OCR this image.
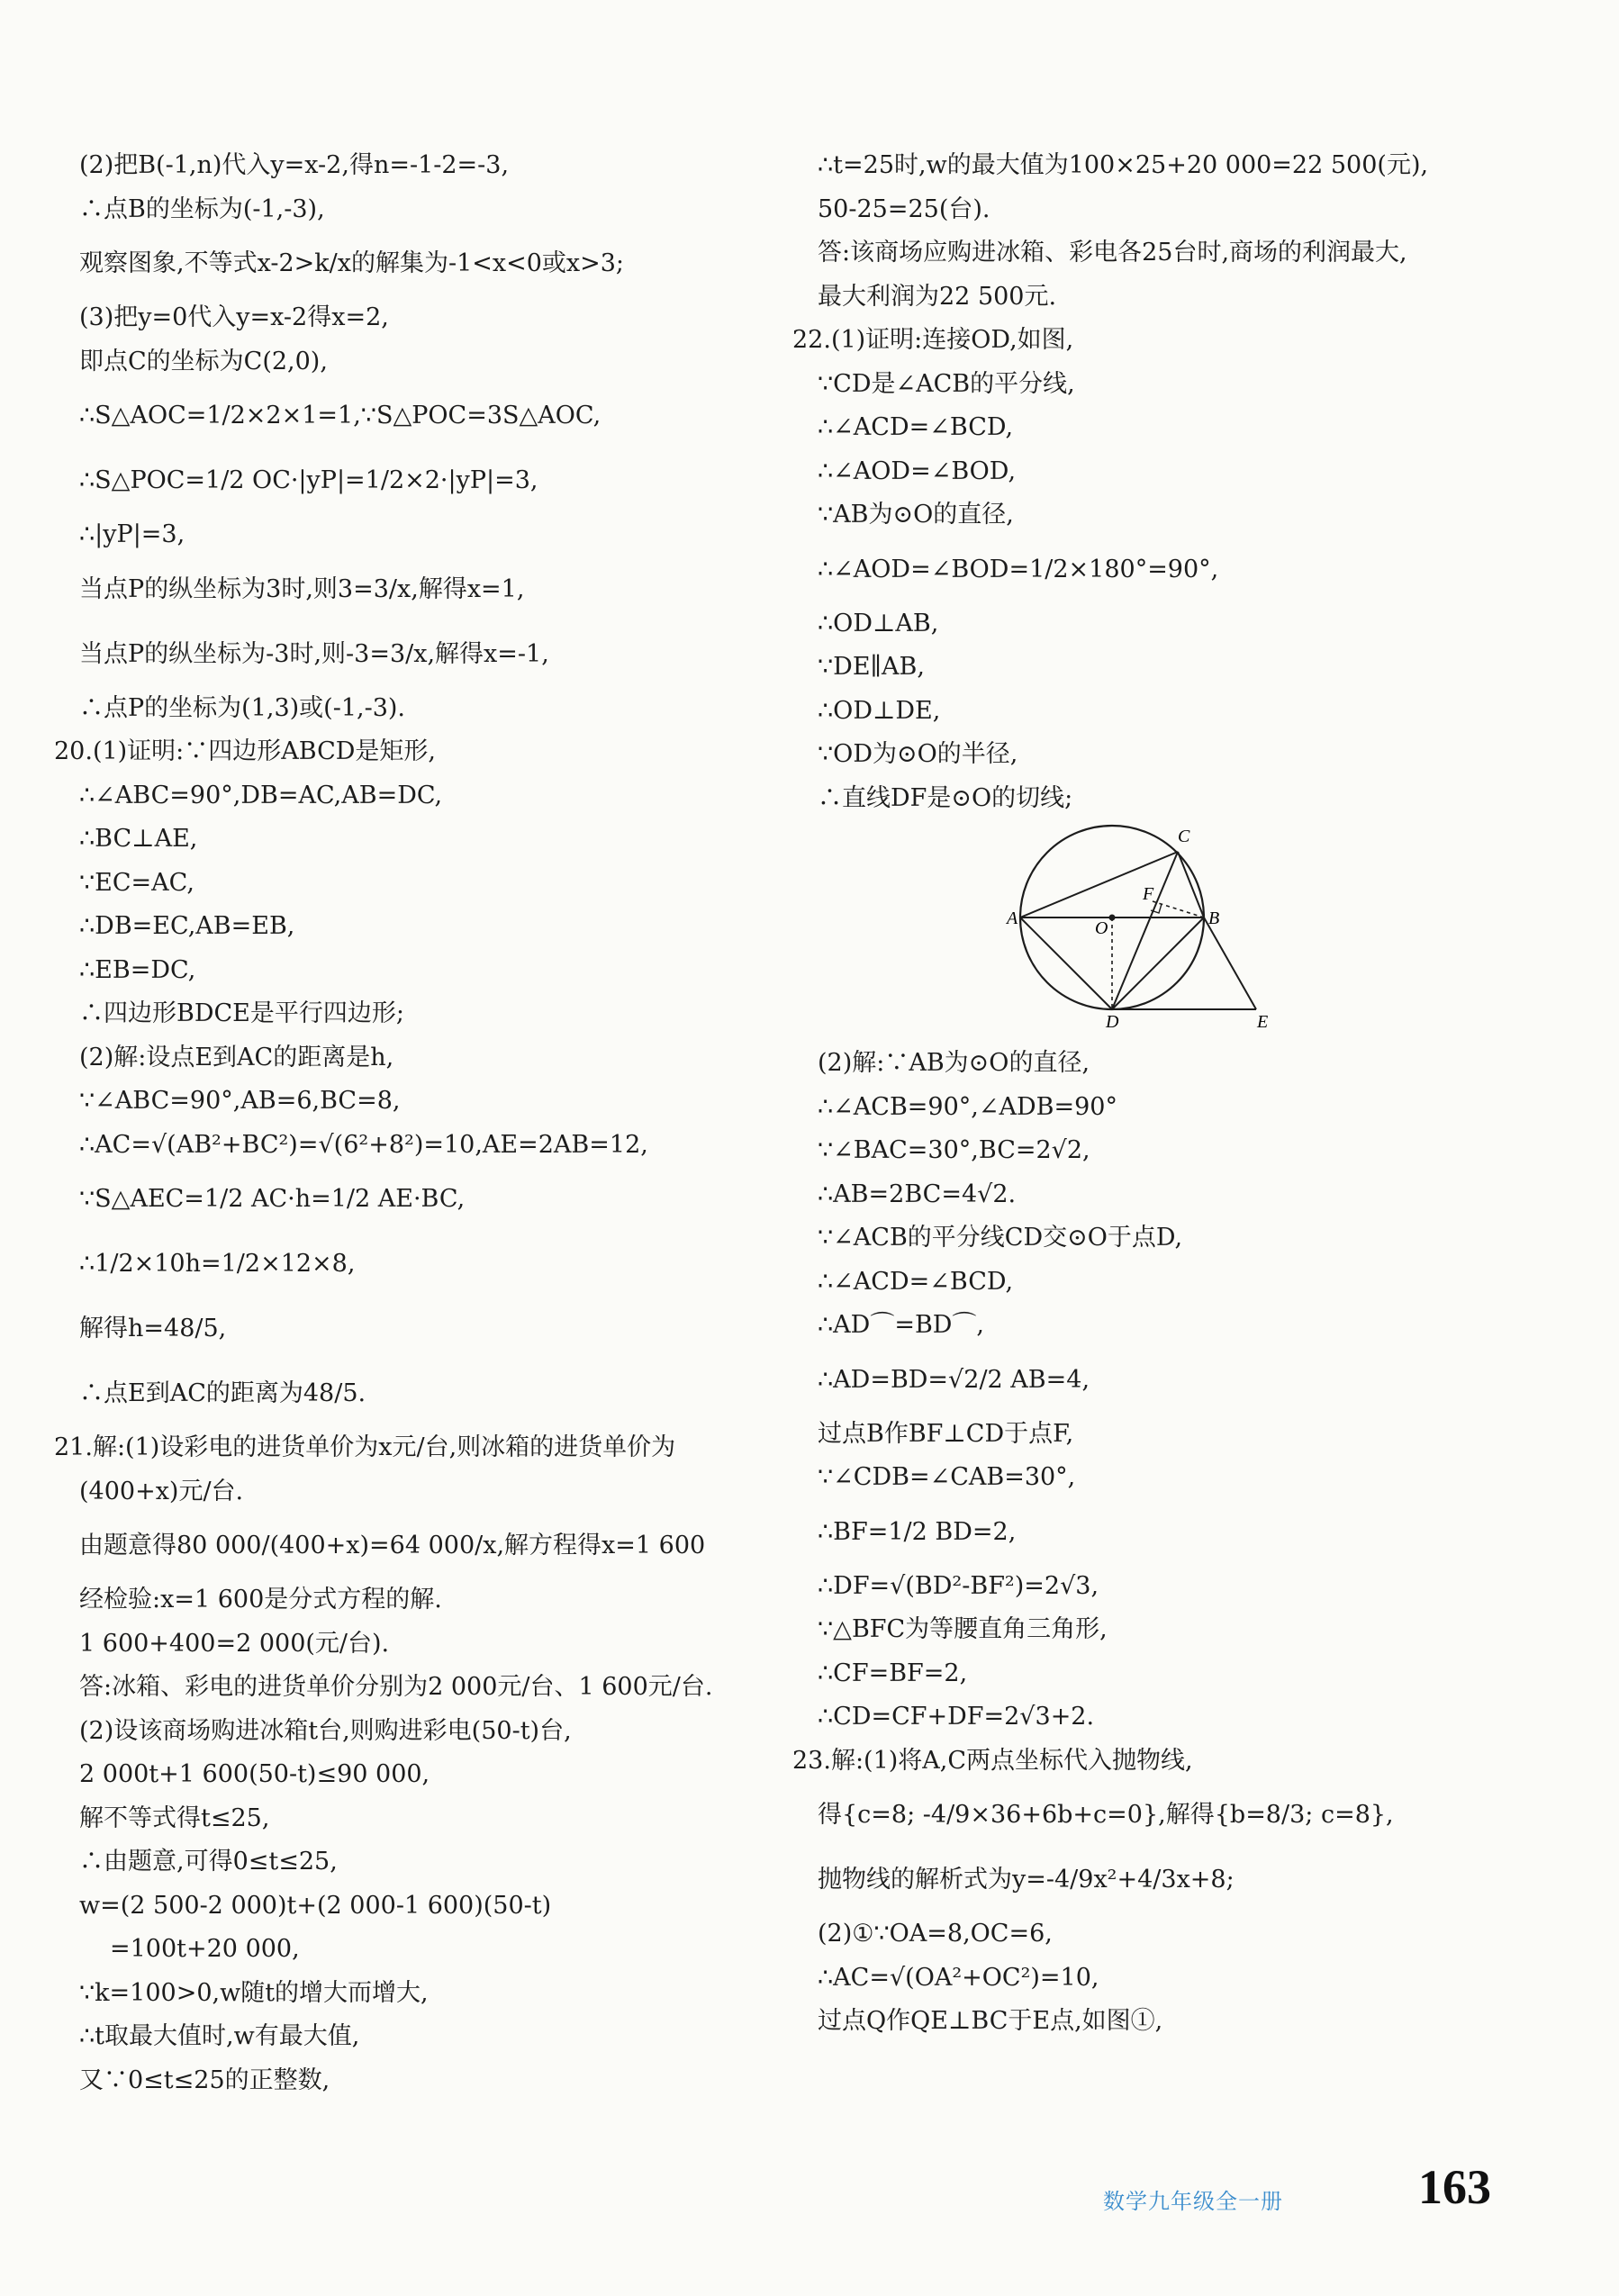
(2)把B(-1,n)代入y=x-2,得n=-1-2=-3,
∴点B的坐标为(-1,-3),
观察图象,不等式x-2>k/x的解集为-1<x<0或x>3;
(3)把y=0代入y=x-2得x=2,
即点C的坐标为C(2,0),
∴S△AOC=1/2×2×1=1,∵S△POC=3S△AOC,
∴S△POC=1/2 OC·|yP|=1/2×2·|yP|=3,
∴|yP|=3,
当点P的纵坐标为3时,则3=3/x,解得x=1,
当点P的纵坐标为-3时,则-3=3/x,解得x=-1,
∴点P的坐标为(1,3)或(-1,-3).
20.(1)证明:∵四边形ABCD是矩形,
∴∠ABC=90°,DB=AC,AB=DC,
∴BC⊥AE,
∵EC=AC,
∴DB=EC,AB=EB,
∴EB=DC,
∴四边形BDCE是平行四边形;
(2)解:设点E到AC的距离是h,
∵∠ABC=90°,AB=6,BC=8,
∴AC=√(AB²+BC²)=√(6²+8²)=10,AE=2AB=12,
∵S△AEC=1/2 AC·h=1/2 AE·BC,
∴1/2×10h=1/2×12×8,
解得h=48/5,
∴点E到AC的距离为48/5.
21.解:(1)设彩电的进货单价为x元/台,则冰箱的进货单价为
(400+x)元/台.
由题意得80 000/(400+x)=64 000/x,解方程得x=1 600
经检验:x=1 600是分式方程的解.
1 600+400=2 000(元/台).
答:冰箱、彩电的进货单价分别为2 000元/台、1 600元/台.
(2)设该商场购进冰箱t台,则购进彩电(50-t)台,
2 000t+1 600(50-t)≤90 000,
解不等式得t≤25,
∴由题意,可得0≤t≤25,
w=(2 500-2 000)t+(2 000-1 600)(50-t)
=100t+20 000,
∵k=100>0,w随t的增大而增大,
∴t取最大值时,w有最大值,
又∵0≤t≤25的正整数,
∴t=25时,w的最大值为100×25+20 000=22 500(元),
50-25=25(台).
答:该商场应购进冰箱、彩电各25台时,商场的利润最大,
最大利润为22 500元.
22.(1)证明:连接OD,如图,
∵CD是∠ACB的平分线,
∴∠ACD=∠BCD,
∴∠AOD=∠BOD,
∵AB为⊙O的直径,
∴∠AOD=∠BOD=1/2×180°=90°,
∴OD⊥AB,
∵DE∥AB,
∴OD⊥DE,
∵OD为⊙O的半径,
∴直线DF是⊙O的切线;
A	B
C
D	E
F
O
(2)解:∵AB为⊙O的直径,
∴∠ACB=90°,∠ADB=90°
∵∠BAC=30°,BC=2√2,
∴AB=2BC=4√2.
∵∠ACB的平分线CD交⊙O于点D,
∴∠ACD=∠BCD,
∴AD⌒=BD⌒,
∴AD=BD=√2/2 AB=4,
过点B作BF⊥CD于点F,
∵∠CDB=∠CAB=30°,
∴BF=1/2 BD=2,
∴DF=√(BD²-BF²)=2√3,
∵△BFC为等腰直角三角形,
∴CF=BF=2,
∴CD=CF+DF=2√3+2.
23.解:(1)将A,C两点坐标代入抛物线,
得{c=8; -4/9×36+6b+c=0},解得{b=8/3; c=8},
抛物线的解析式为y=-4/9x²+4/3x+8;
(2)①∵OA=8,OC=6,
∴AC=√(OA²+OC²)=10,
过点Q作QE⊥BC于E点,如图①,
数学九年级全一册	163
